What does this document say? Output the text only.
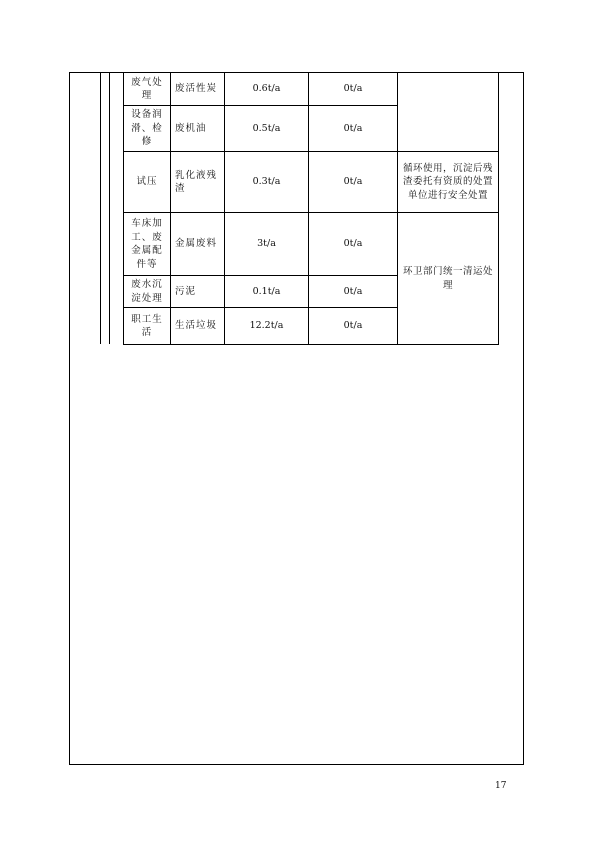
废气处理	废活性炭	0.6t/a	0t/a	
设备润滑、检修	废机油	0.5t/a	0t/a	
试压	乳化液残渣	0.3t/a	0t/a	循环使用，沉淀后残渣委托有资质的处置单位进行安全处置
车床加工、废金属配件等	金属废料	3t/a	0t/a	环卫部门统一清运处理
废水沉淀处理	污泥	0.1t/a	0t/a	
职工生活	生活垃圾	12.2t/a	0t/a	
17
